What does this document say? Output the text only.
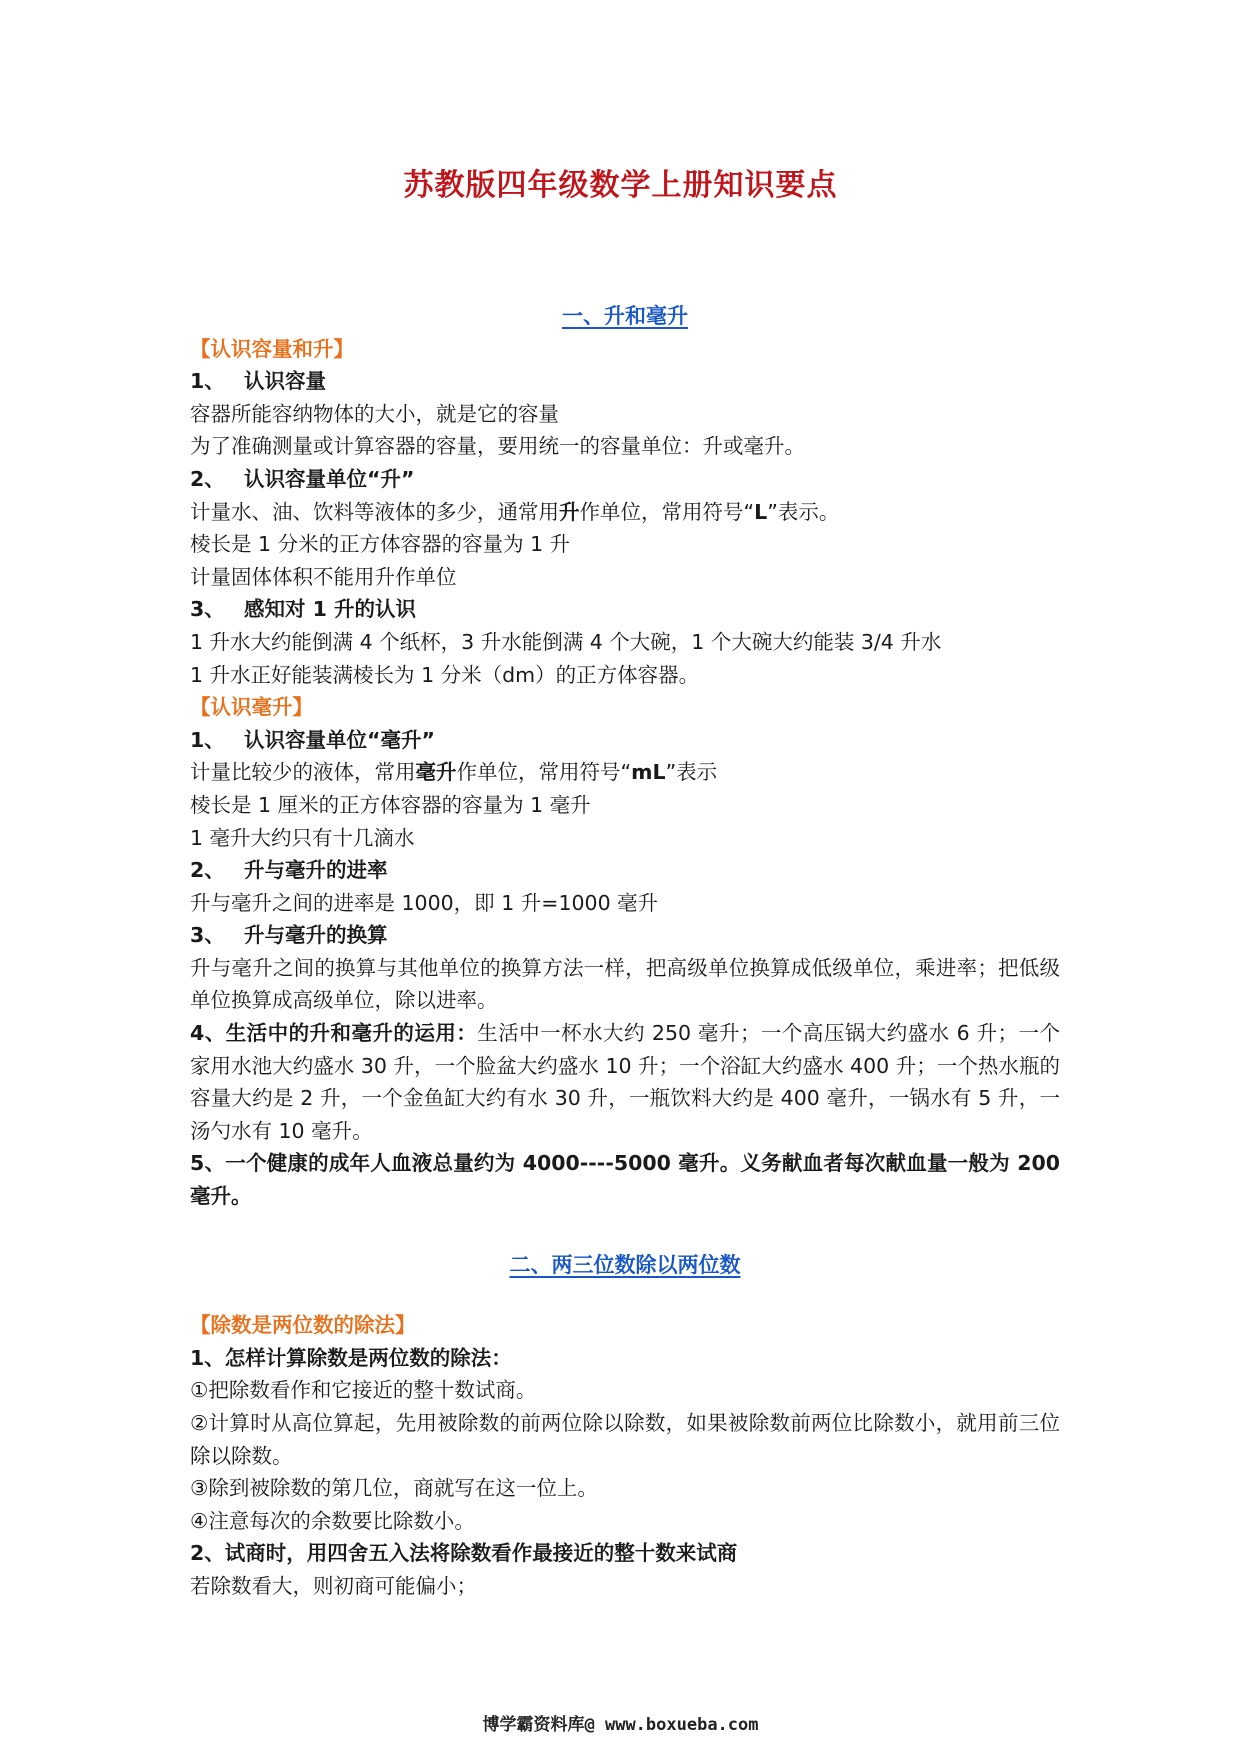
苏教版四年级数学上册知识要点

一、升和毫升

【认识容量和升】

1、 认识容量

容器所能容纳物体的大小，就是它的容量

为了准确测量或计算容器的容量，要用统一的容量单位：升或毫升。

2、 认识容量单位“升”

计量水、油、饮料等液体的多少，通常用升作单位，常用符号“L”表示。

棱长是 1 分米的正方体容器的容量为 1 升

计量固体体积不能用升作单位

3、 感知对 1 升的认识

1 升水大约能倒满 4 个纸杯，3 升水能倒满 4 个大碗，1 个大碗大约能装 3/4 升水

1 升水正好能装满棱长为 1 分米（dm）的正方体容器。

【认识毫升】

1、 认识容量单位“毫升”

计量比较少的液体，常用毫升作单位，常用符号“mL”表示

棱长是 1 厘米的正方体容器的容量为 1 毫升

1 毫升大约只有十几滴水

2、 升与毫升的进率

升与毫升之间的进率是 1000，即 1 升=1000 毫升

3、 升与毫升的换算

升与毫升之间的换算与其他单位的换算方法一样，把高级单位换算成低级单位，乘进率；把低级单位换算成高级单位，除以进率。

4、生活中的升和毫升的运用：生活中一杯水大约 250 毫升；一个高压锅大约盛水 6 升；一个家用水池大约盛水 30 升，一个脸盆大约盛水 10 升；一个浴缸大约盛水 400 升；一个热水瓶的容量大约是 2 升，一个金鱼缸大约有水 30 升，一瓶饮料大约是 400 毫升，一锅水有 5 升，一汤勺水有 10 毫升。

5、一个健康的成年人血液总量约为 4000----5000 毫升。义务献血者每次献血量一般为 200 毫升。

二、两三位数除以两位数

【除数是两位数的除法】

1、怎样计算除数是两位数的除法：

①把除数看作和它接近的整十数试商。

②计算时从高位算起，先用被除数的前两位除以除数，如果被除数前两位比除数小，就用前三位除以除数。

③除到被除数的第几位，商就写在这一位上。

④注意每次的余数要比除数小。

2、试商时，用四舍五入法将除数看作最接近的整十数来试商

若除数看大，则初商可能偏小；

博学霸资料库@ www.boxueba.com
